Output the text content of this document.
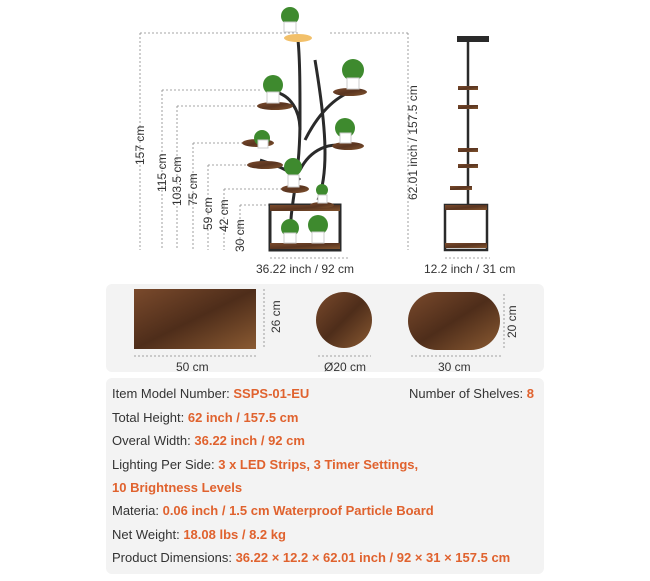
157 cm
115 cm 103.5 cm 75 cm
59 cm 42 cm
30 cm
62.01 inch / 157.5 cm
36.22 inch / 92 cm	12.2 inch / 31 cm
26 cm
50 cm	Ø20 cm	30 cm
20 cm
Item Model Number: SSPS-01-EU	Number of Shelves: 8
Total Height: 62 inch / 157.5 cm
Overal Width: 36.22 inch / 92 cm
Lighting Per Side: 3 x LED Strips, 3 Timer Settings,
10 Brightness Levels
Materia: 0.06 inch / 1.5 cm Waterproof Particle Board
Net Weight: 18.08 lbs / 8.2 kg
Product Dimensions: 36.22 × 12.2 × 62.01 inch / 92 × 31 × 157.5 cm
